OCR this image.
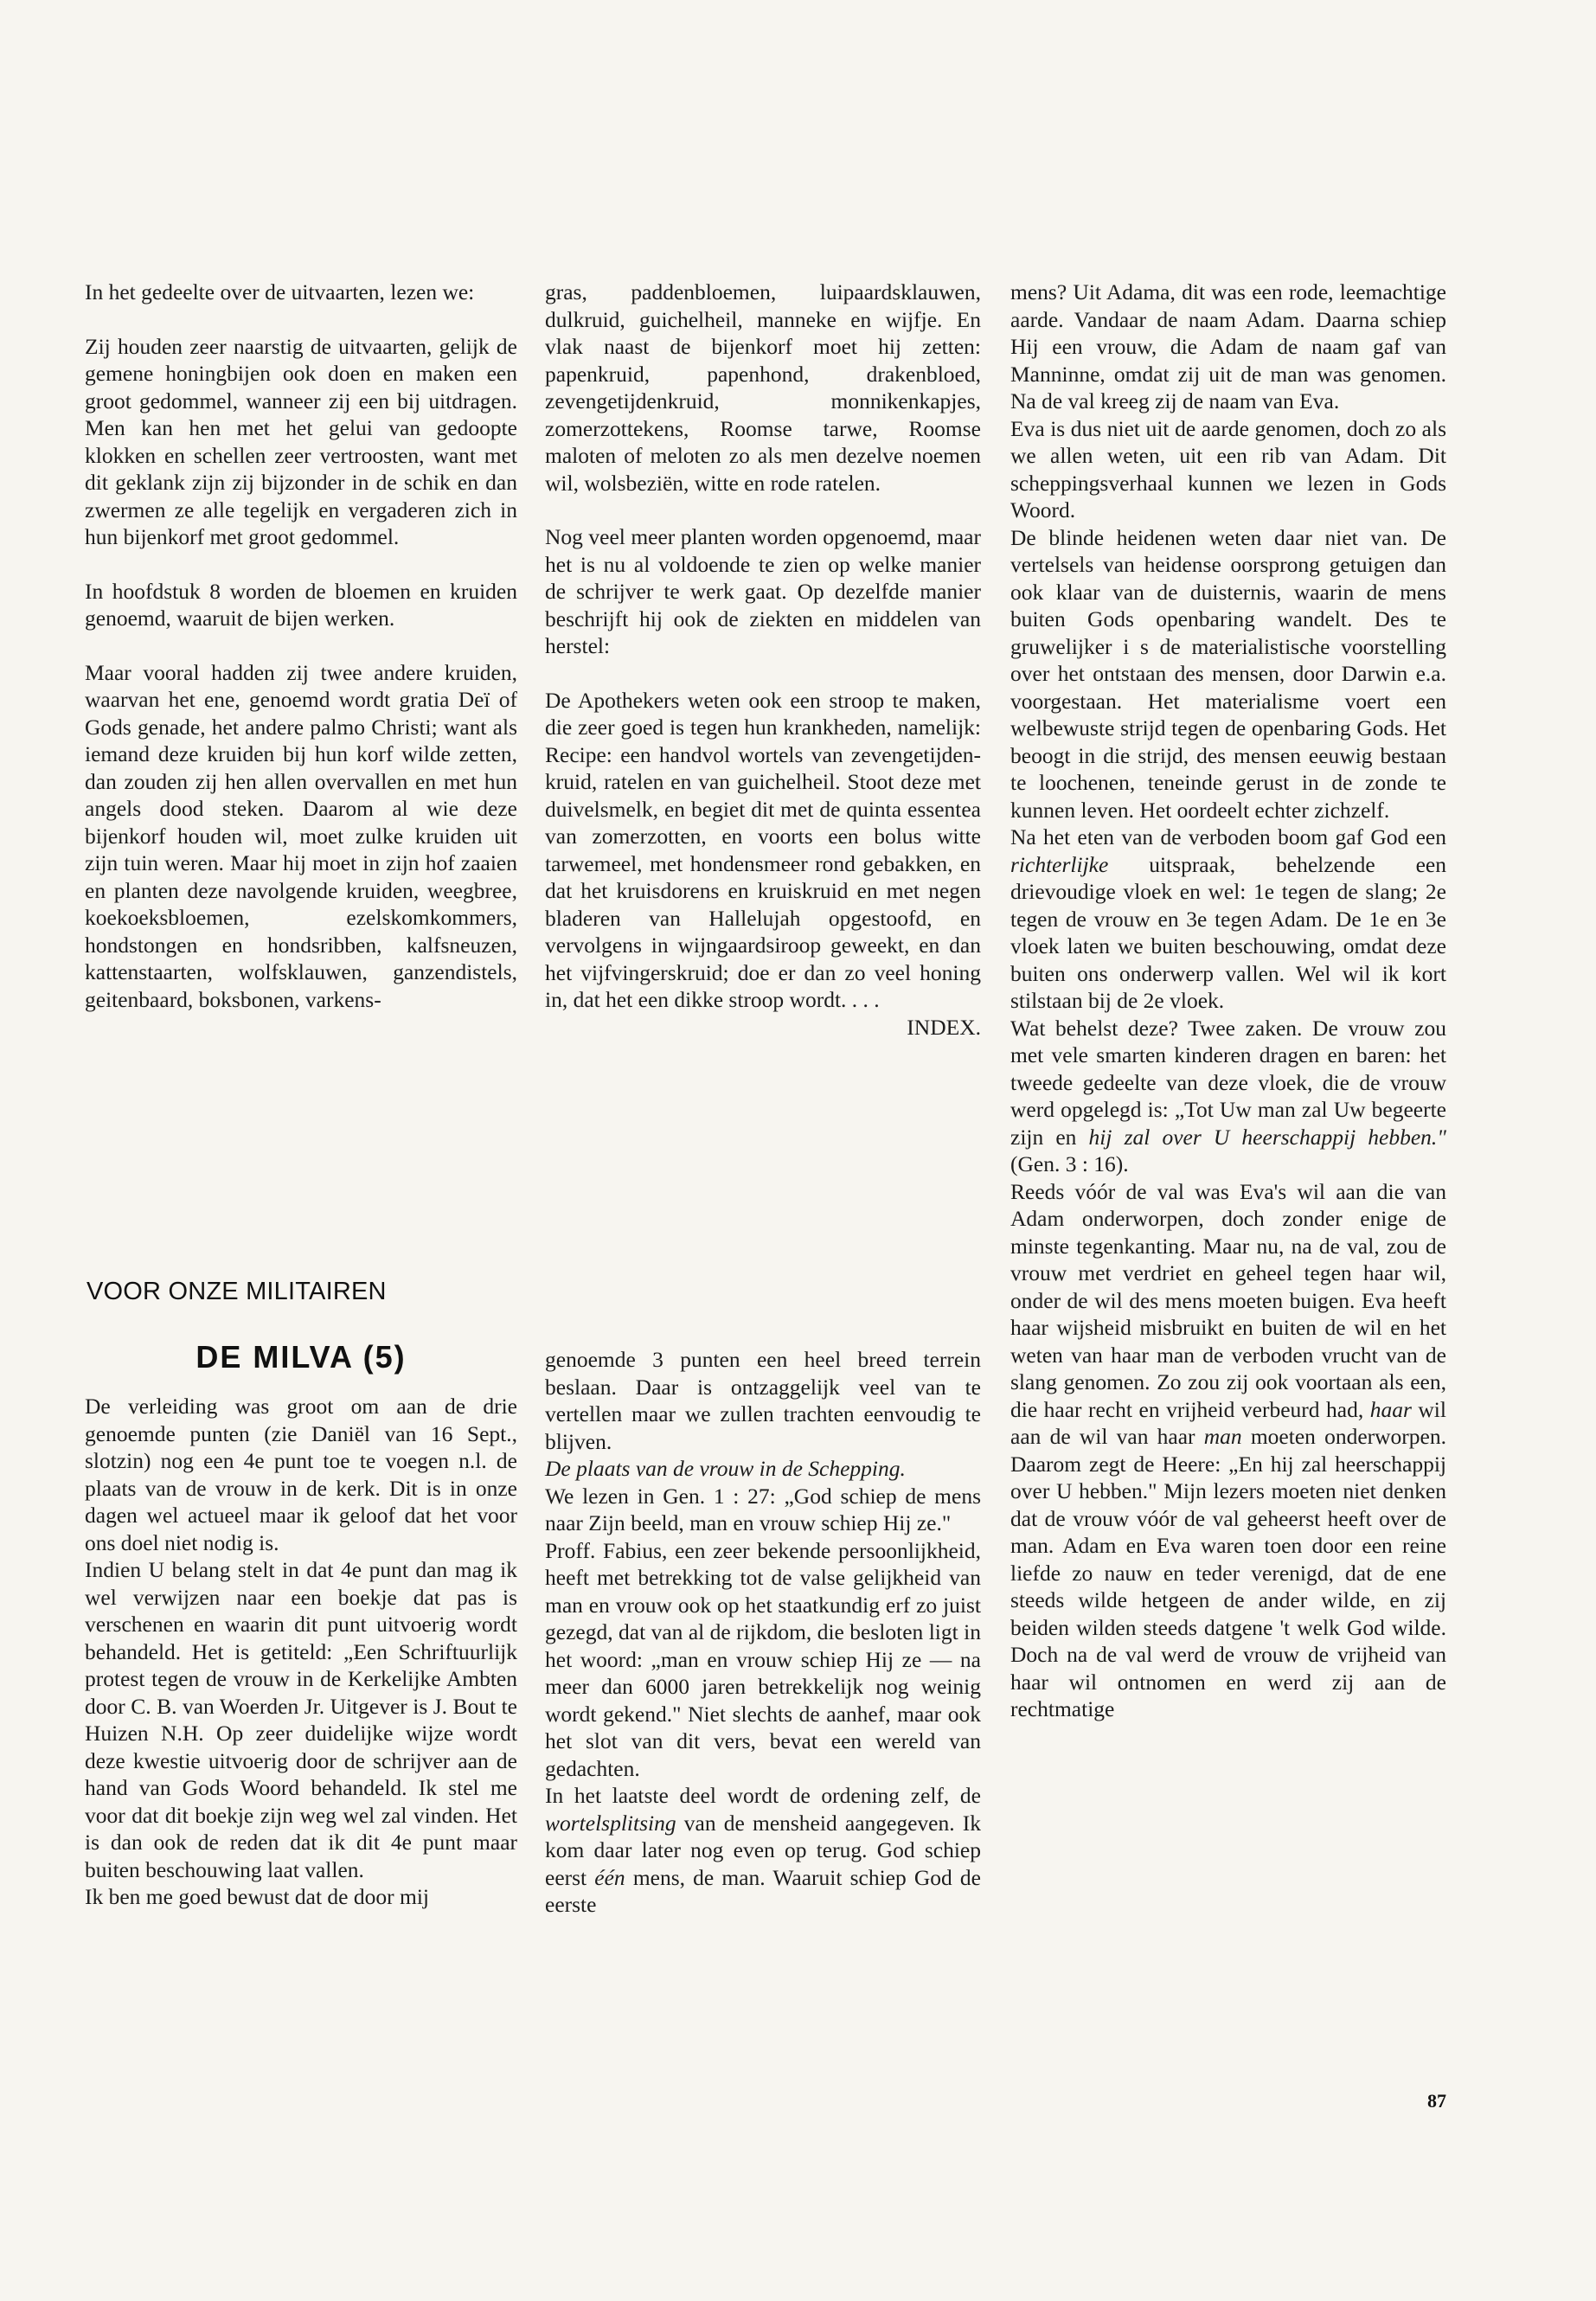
In het gedeelte over de uitvaarten, lezen we:

Zij houden zeer naarstig de uitvaarten, gelijk de gemene honingbijen ook doen en maken een groot gedommel, wanneer zij een bij uitdragen. Men kan hen met het gelui van gedoopte klokken en schellen zeer vertroosten, want met dit geklank zijn zij bijzonder in de schik en dan zwermen ze alle tegelijk en vergaderen zich in hun bijenkorf met groot gedommel.

In hoofdstuk 8 worden de bloemen en kruiden genoemd, waaruit de bijen werken.

Maar vooral hadden zij twee andere kruiden, waarvan het ene, genoemd wordt gratia Deï of Gods genade, het andere palmo Christi; want als iemand deze kruiden bij hun korf wilde zetten, dan zouden zij hen allen overvallen en met hun angels dood steken. Daarom al wie deze bijenkorf houden wil, moet zulke kruiden uit zijn tuin weren. Maar hij moet in zijn hof zaaien en planten deze navolgende kruiden, weegbree, koekoeksbloemen, ezelskomkommers, hondstongen en hondsribben, kalfsneuzen, kattenstaarten, wolfsklauwen, ganzendistels, geitenbaard, boksbonen, varkens-

gras, paddenbloemen, luipaardsklauwen, dulkruid, guichelheil, manneke en wijfje. En vlak naast de bijenkorf moet hij zetten: papenkruid, papenhond, drakenbloed, zevengetijdenkruid, monnikenkapjes, zomerzottekens, Roomse tarwe, Roomse maloten of meloten zo als men dezelve noemen wil, wolsbeziën, witte en rode ratelen.

Nog veel meer planten worden opgenoemd, maar het is nu al voldoende te zien op welke manier de schrijver te werk gaat. Op dezelfde manier beschrijft hij ook de ziekten en middelen van herstel:

De Apothekers weten ook een stroop te maken, die zeer goed is tegen hun krankheden, namelijk: Recipe: een handvol wortels van zevengetijden-kruid, ratelen en van guichelheil. Stoot deze met duivelsmelk, en begiet dit met de quinta essentea van zomerzotten, en voorts een bolus witte tarwemeel, met hondensmeer rond gebakken, en dat het kruisdorens en kruiskruid en met negen bladeren van Hallelujah opgestoofd, en vervolgens in wijngaardsiroop geweekt, en dan het vijfvingerskruid; doe er dan zo veel honing in, dat het een dikke stroop wordt. . . .

INDEX.

mens? Uit Adama, dit was een rode, leemachtige aarde. Vandaar de naam Adam. Daarna schiep Hij een vrouw, die Adam de naam gaf van Manninne, omdat zij uit de man was genomen. Na de val kreeg zij de naam van Eva.

Eva is dus niet uit de aarde genomen, doch zo als we allen weten, uit een rib van Adam. Dit scheppingsverhaal kunnen we lezen in Gods Woord.

De blinde heidenen weten daar niet van. De vertelsels van heidense oorsprong getuigen dan ook klaar van de duisternis, waarin de mens buiten Gods openbaring wandelt. Des te gruwelijker i s de materialistische voorstelling over het ontstaan des mensen, door Darwin e.a. voorgestaan. Het materialisme voert een welbewuste strijd tegen de openbaring Gods. Het beoogt in die strijd, des mensen eeuwig bestaan te loochenen, teneinde gerust in de zonde te kunnen leven. Het oordeelt echter zichzelf.

Na het eten van de verboden boom gaf God een richterlijke uitspraak, behelzende een drievoudige vloek en wel: 1e tegen de slang; 2e tegen de vrouw en 3e tegen Adam. De 1e en 3e vloek laten we buiten beschouwing, omdat deze buiten ons onderwerp vallen. Wel wil ik kort stilstaan bij de 2e vloek.

Wat behelst deze? Twee zaken. De vrouw zou met vele smarten kinderen dragen en baren: het tweede gedeelte van deze vloek, die de vrouw werd opgelegd is: „Tot Uw man zal Uw begeerte zijn en hij zal over U heerschappij hebben." (Gen. 3 : 16).

Reeds vóór de val was Eva's wil aan die van Adam onderworpen, doch zonder enige de minste tegenkanting. Maar nu, na de val, zou de vrouw met verdriet en geheel tegen haar wil, onder de wil des mens moeten buigen. Eva heeft haar wijsheid misbruikt en buiten de wil en het weten van haar man de verboden vrucht van de slang genomen. Zo zou zij ook voortaan als een, die haar recht en vrijheid verbeurd had, haar wil aan de wil van haar man moeten onderworpen. Daarom zegt de Heere: „En hij zal heerschappij over U hebben." Mijn lezers moeten niet denken dat de vrouw vóór de val geheerst heeft over de man. Adam en Eva waren toen door een reine liefde zo nauw en teder verenigd, dat de ene steeds wilde hetgeen de ander wilde, en zij beiden wilden steeds datgene 't welk God wilde. Doch na de val werd de vrouw de vrijheid van haar wil ontnomen en werd zij aan de rechtmatige

VOOR ONZE MILITAIREN
DE MILVA (5)

De verleiding was groot om aan de drie genoemde punten (zie Daniël van 16 Sept., slotzin) nog een 4e punt toe te voegen n.l. de plaats van de vrouw in de kerk. Dit is in onze dagen wel actueel maar ik geloof dat het voor ons doel niet nodig is.

Indien U belang stelt in dat 4e punt dan mag ik wel verwijzen naar een boekje dat pas is verschenen en waarin dit punt uitvoerig wordt behandeld. Het is getiteld: „Een Schriftuurlijk protest tegen de vrouw in de Kerkelijke Ambten door C. B. van Woerden Jr. Uitgever is J. Bout te Huizen N.H. Op zeer duidelijke wijze wordt deze kwestie uitvoerig door de schrijver aan de hand van Gods Woord behandeld. Ik stel me voor dat dit boekje zijn weg wel zal vinden. Het is dan ook de reden dat ik dit 4e punt maar buiten beschouwing laat vallen.

Ik ben me goed bewust dat de door mij

genoemde 3 punten een heel breed terrein beslaan. Daar is ontzaggelijk veel van te vertellen maar we zullen trachten eenvoudig te blijven.

De plaats van de vrouw in de Schepping.

We lezen in Gen. 1 : 27: „God schiep de mens naar Zijn beeld, man en vrouw schiep Hij ze."

Proff. Fabius, een zeer bekende persoonlijkheid, heeft met betrekking tot de valse gelijkheid van man en vrouw ook op het staatkundig erf zo juist gezegd, dat van al de rijkdom, die besloten ligt in het woord: „man en vrouw schiep Hij ze — na meer dan 6000 jaren betrekkelijk nog weinig wordt gekend." Niet slechts de aanhef, maar ook het slot van dit vers, bevat een wereld van gedachten.

In het laatste deel wordt de ordening zelf, de wortelsplitsing van de mensheid aangegeven. Ik kom daar later nog even op terug. God schiep eerst één mens, de man. Waaruit schiep God de eerste

87
